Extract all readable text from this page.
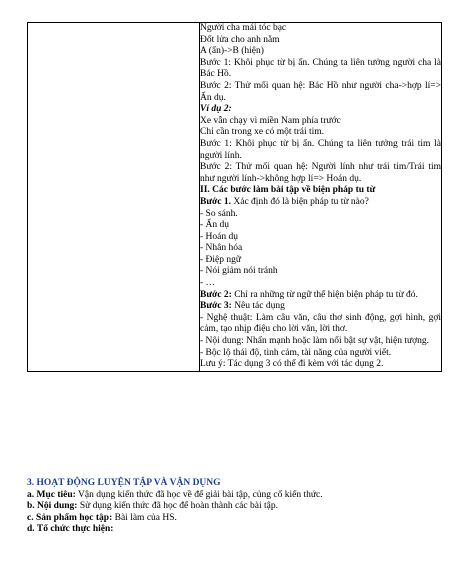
Người cha mái tóc bạc

Đốt lửa cho anh nằm

A (ẩn)->B (hiện)

Bước 1: Khôi phục từ bị ẩn. Chúng ta liên tưởng người cha là Bác Hồ.

Bước 2: Thử mối quan hệ: Bác Hồ như người cha->hợp lí=> Ẩn dụ.

Ví dụ 2:

Xe vẫn chạy vì miền Nam phía trước

Chỉ cần trong xe có một trái tim.

Bước 1: Khôi phục từ bị ẩn. Chúng ta liên tưởng trái tim là người lính.

Bước 2: Thử mối quan hệ: Người lính như trái tim/Trái tim như người lính->không hợp lí=> Hoán dụ.

II. Các bước làm bài tập về biện pháp tu từ

Bước 1. Xác định đó là biện pháp tu từ nào?

- So sánh.

- Ẩn dụ

- Hoán dụ

- Nhân hóa

- Điệp ngữ

- Nói giảm nói tránh

- …

Bước 2: Chỉ ra những từ ngữ thể hiện biện pháp tu từ đó.

Bước 3: Nêu tác dụng

- Nghệ thuật: Làm câu văn, câu thơ sinh động, gợi hình, gợi cảm, tạo nhịp điệu cho lời văn, lời thơ.

- Nội dung: Nhấn mạnh hoặc làm nổi bật sự vật, hiện tượng.

- Bộc lộ thái độ, tình cảm, tài năng của người viết.

Lưu ý: Tác dụng 3 có thể đi kèm với tác dụng 2.

3. HOẠT ĐỘNG LUYỆN TẬP VÀ VẬN DỤNG

a. Mục tiêu: Vận dụng kiến thức đã học về để giải bài tập, củng cố kiến thức.

b. Nội dung: Sử dụng kiến thức đã học để hoàn thành các bài tập.

c. Sản phẩm học tập: Bài làm của HS.

d. Tổ chức thực hiện:
